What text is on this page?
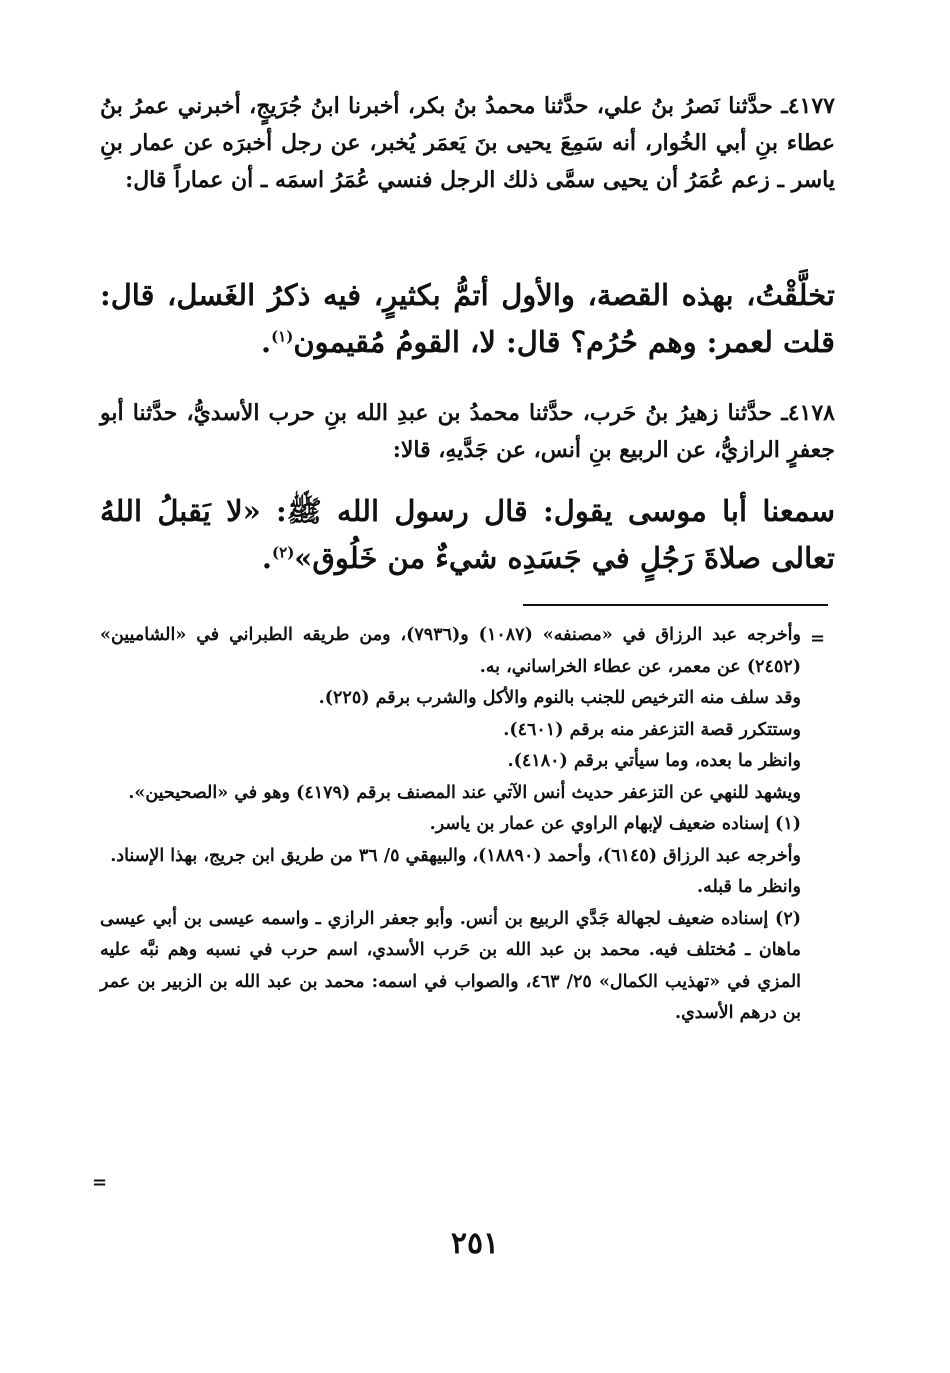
٤١٧٧ـ حدَّثنا نَصرُ بنُ علي، حدَّثنا محمدُ بنُ بكر، أخبرنا ابنُ جُرَيجٍ، أخبرني عمرُ بنُ عطاء بنِ أبي الخُوار، أنه سَمِعَ يحيى بنَ يَعمَر يُخبر، عن رجل أخبرَه عن عمار بنِ ياسر ـ زعم عُمَرُ أن يحيى سمَّى ذلك الرجل فنسي عُمَرُ اسمَه ـ أن عماراً قال:
تخلَّقْتُ، بهذه القصة، والأول أتمُّ بكثيرٍ، فيه ذكرُ الغَسل، قال: قلت لعمر: وهم حُرُم؟ قال: لا، القومُ مُقيمون$^{(١)}$.
٤١٧٨ـ حدَّثنا زهيرُ بنُ حَرب، حدَّثنا محمدُ بن عبدِ الله بنِ حرب الأسديُّ، حدَّثنا أبو جعفرٍ الرازيُّ، عن الربيع بنِ أنس، عن جَدَّيهِ، قالا:
سمعنا أبا موسى يقول: قال رسول الله ﷺ: «لا يَقبلُ اللهُ تعالى صلاةَ رَجُلٍ في جَسَدِه شيءٌ من خَلُوق»$^{(٢)}$.
=

وأخرجه عبد الرزاق في «مصنفه» (١٠٨٧) و(٧٩٣٦)، ومن طريقه الطبراني في «الشاميين» (٢٤٥٢) عن معمر، عن عطاء الخراساني، به.

وقد سلف منه الترخيص للجنب بالنوم والأكل والشرب برقم (٢٢٥).

وستتكرر قصة التزعفر منه برقم (٤٦٠١).

وانظر ما بعده، وما سيأتي برقم (٤١٨٠).

ويشهد للنهي عن التزعفر حديث أنس الآتي عند المصنف برقم (٤١٧٩) وهو في «الصحيحين».

(١) إسناده ضعيف لإبهام الراوي عن عمار بن ياسر.

وأخرجه عبد الرزاق (٦١٤٥)، وأحمد (١٨٨٩٠)، والبيهقي ٥/ ٣٦ من طريق ابن جريج، بهذا الإسناد.

وانظر ما قبله.

(٢) إسناده ضعيف لجهالة جَدَّي الربيع بن أنس. وأبو جعفر الرازي ـ واسمه عيسى بن أبي عيسى ماهان ـ مُختلف فيه. محمد بن عبد الله بن حَرب الأسدي، اسم حرب في نسبه وهم نبَّه عليه المزي في «تهذيب الكمال» ٢٥/ ٤٦٣، والصواب في اسمه: محمد بن عبد الله بن الزبير بن عمر بن درهم الأسدي.

=
٢٥١
